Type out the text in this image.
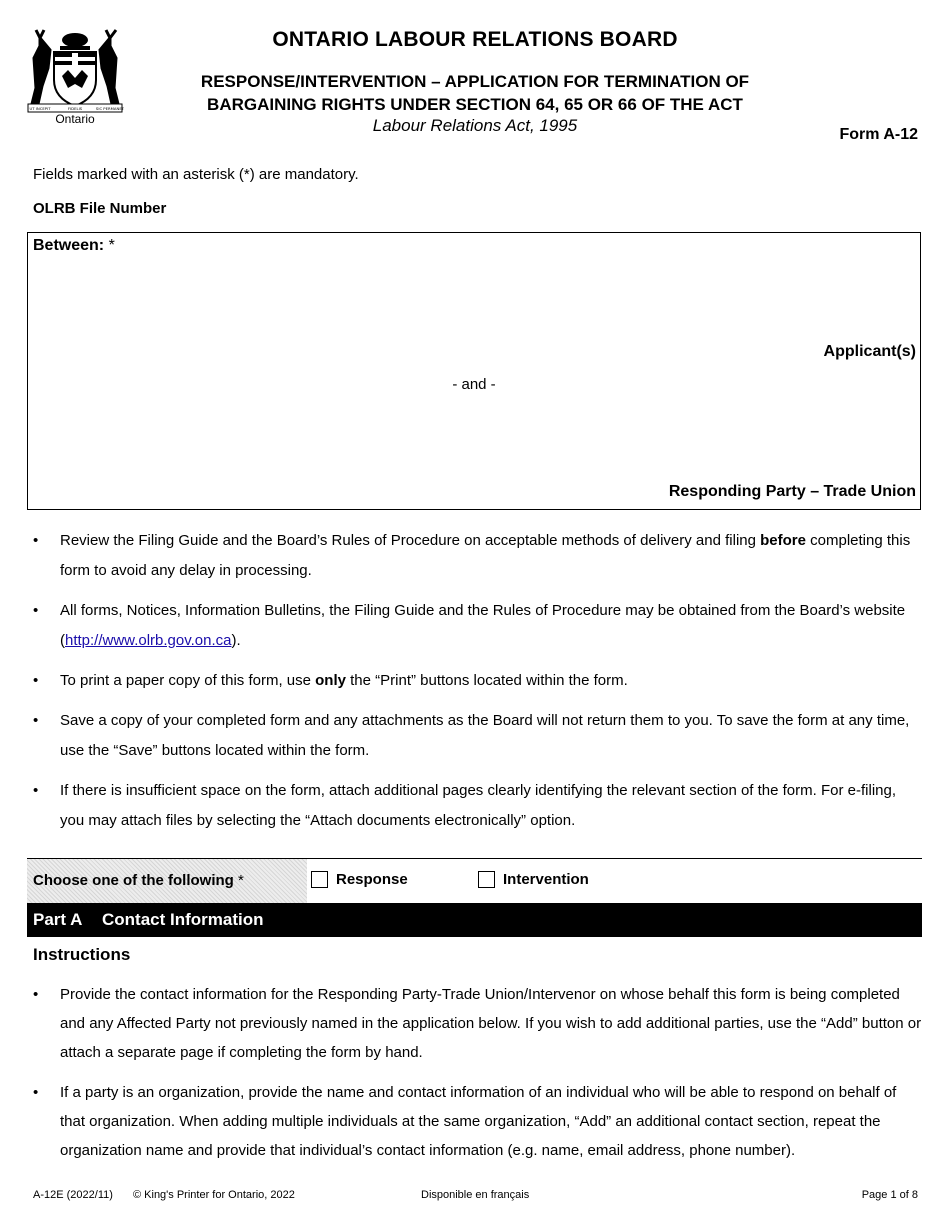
UT INCEPIT	FIDELIS	SIC PERMANET
Ontario
ONTARIO LABOUR RELATIONS BOARD
RESPONSE/INTERVENTION – APPLICATION FOR TERMINATION OF
BARGAINING RIGHTS UNDER SECTION 64, 65 OR 66 OF THE ACT
Labour Relations Act, 1995	Form A-12
Fields marked with an asterisk (*) are mandatory.
OLRB File Number
Between: *
Applicant(s)
- and -
Responding Party – Trade Union
• Review the Filing Guide and the Board’s Rules of Procedure on acceptable methods of delivery and filing before completing this form to avoid any delay in processing.
• All forms, Notices, Information Bulletins, the Filing Guide and the Rules of Procedure may be obtained from the Board’s website (http://www.olrb.gov.on.ca).
• To print a paper copy of this form, use only the “Print” buttons located within the form.
• Save a copy of your completed form and any attachments as the Board will not return them to you. To save the form at any time, use the “Save” buttons located within the form.
• If there is insufficient space on the form, attach additional pages clearly identifying the relevant section of the form. For e-filing, you may attach files by selecting the “Attach documents electronically” option.
Choose one of the following *	Response	Intervention
Part A Contact Information
Instructions
• Provide the contact information for the Responding Party-Trade Union/Intervenor on whose behalf this form is being completed and any Affected Party not previously named in the application below. If you wish to add additional parties, use the “Add” button or attach a separate page if completing the form by hand.
• If a party is an organization, provide the name and contact information of an individual who will be able to respond on behalf of that organization. When adding multiple individuals at the same organization, “Add” an additional contact section, repeat the organization name and provide that individual’s contact information (e.g. name, email address, phone number).
A-12E (2022/11) © King's Printer for Ontario, 2022	Disponible en français	Page 1 of 8
